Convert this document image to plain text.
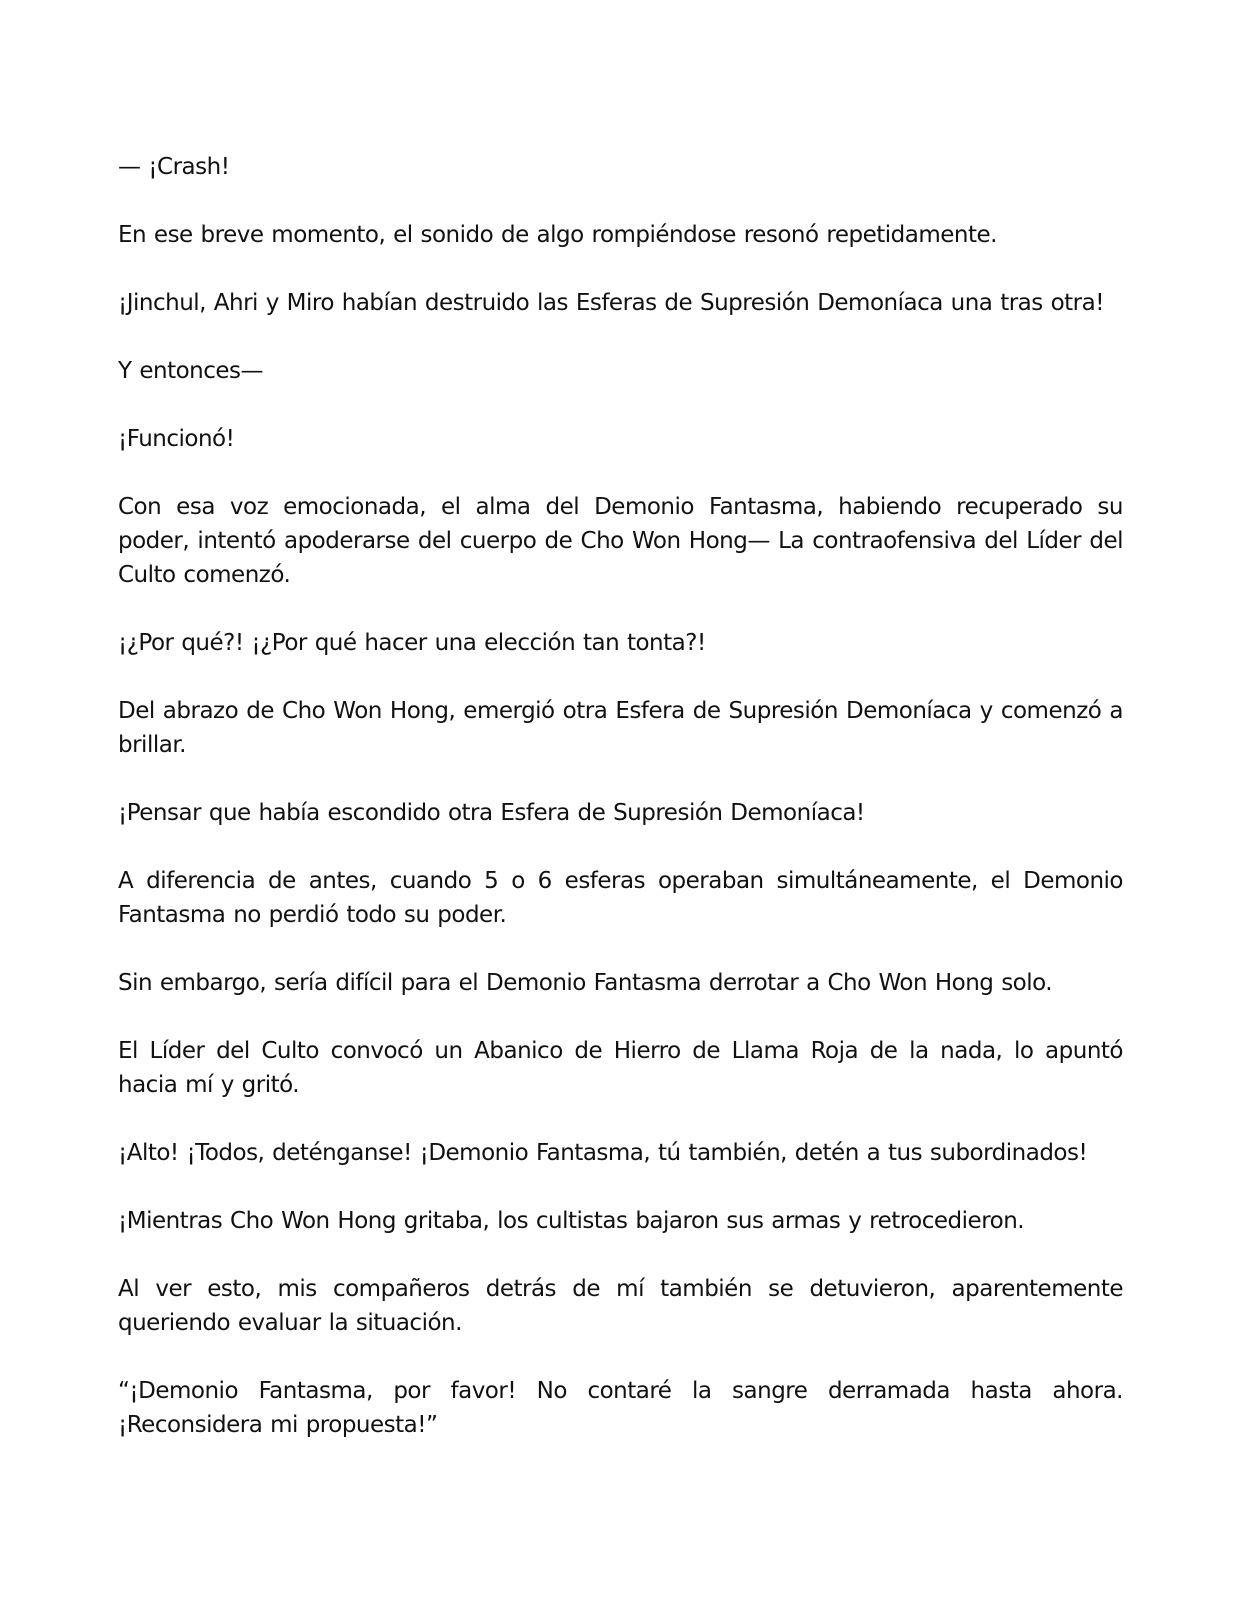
— ¡Crash!

En ese breve momento, el sonido de algo rompiéndose resonó repetidamente.

¡Jinchul, Ahri y Miro habían destruido las Esferas de Supresión Demoníaca una tras otra!

Y entonces—

¡Funcionó!

Con esa voz emocionada, el alma del Demonio Fantasma, habiendo recuperado su poder, intentó apoderarse del cuerpo de Cho Won Hong— La contraofensiva del Líder del Culto comenzó.

¡¿Por qué?! ¡¿Por qué hacer una elección tan tonta?!

Del abrazo de Cho Won Hong, emergió otra Esfera de Supresión Demoníaca y comenzó a brillar.

¡Pensar que había escondido otra Esfera de Supresión Demoníaca!

A diferencia de antes, cuando 5 o 6 esferas operaban simultáneamente, el Demonio Fantasma no perdió todo su poder.

Sin embargo, sería difícil para el Demonio Fantasma derrotar a Cho Won Hong solo.

El Líder del Culto convocó un Abanico de Hierro de Llama Roja de la nada, lo apuntó hacia mí y gritó.

¡Alto! ¡Todos, deténganse! ¡Demonio Fantasma, tú también, detén a tus subordinados!

¡Mientras Cho Won Hong gritaba, los cultistas bajaron sus armas y retrocedieron.

Al ver esto, mis compañeros detrás de mí también se detuvieron, aparentemente queriendo evaluar la situación.

“¡Demonio Fantasma, por favor! No contaré la sangre derramada hasta ahora. ¡Reconsidera mi propuesta!”
